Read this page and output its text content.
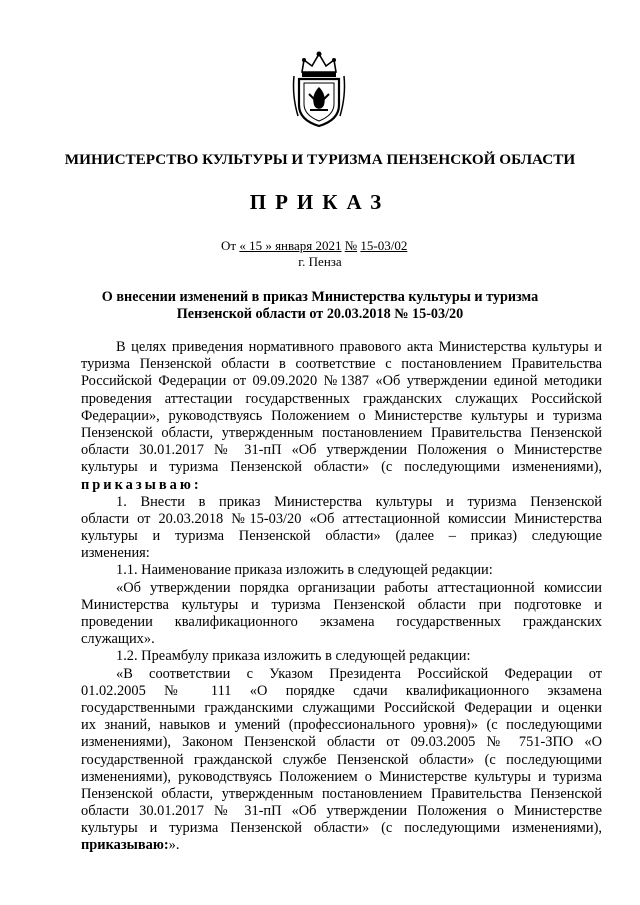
МИНИСТЕРСТВО КУЛЬТУРЫ И ТУРИЗМА ПЕНЗЕНСКОЙ ОБЛАСТИ
ПРИКАЗ
От « 15 » января 2021 № 15-03/02
г. Пенза
О внесении изменений в приказ Министерства культуры и туризма
Пензенской области от 20.03.2018 № 15-03/20
В целях приведения нормативного правового акта Министерства культуры и
туризма Пензенской области в соответствие с постановлением Правительства
Российской Федерации от 09.09.2020 №1387 «Об утверждении единой методики
проведения аттестации государственных гражданских служащих Российской
Федерации», руководствуясь Положением о Министерстве культуры и туризма
Пензенской области, утвержденным постановлением Правительства Пензенской
области 30.01.2017 № 31-пП «Об утверждении Положения о Министерстве
культуры и туризма Пензенской области» (с последующими изменениями),
приказываю:
1. Внести в приказ Министерства культуры и туризма Пензенской
области от 20.03.2018 №15-03/20 «Об аттестационной комиссии Министерства
культуры и туризма Пензенской области» (далее – приказ) следующие
изменения:
1.1. Наименование приказа изложить в следующей редакции:
«Об утверждении порядка организации работы аттестационной комиссии
Министерства культуры и туризма Пензенской области при подготовке и
проведении квалификационного экзамена государственных гражданских
служащих».
1.2. Преамбулу приказа изложить в следующей редакции:
«В соответствии с Указом Президента Российской Федерации от
01.02.2005 № 111 «О порядке сдачи квалификационного экзамена
государственными гражданскими служащими Российской Федерации и оценки
их знаний, навыков и умений (профессионального уровня)» (с последующими
изменениями), Законом Пензенской области от 09.03.2005 № 751-ЗПО «О
государственной гражданской службе Пензенской области» (с последующими
изменениями), руководствуясь Положением о Министерстве культуры и туризма
Пензенской области, утвержденным постановлением Правительства Пензенской
области 30.01.2017 № 31-пП «Об утверждении Положения о Министерстве
культуры и туризма Пензенской области» (с последующими изменениями),
приказываю:».
